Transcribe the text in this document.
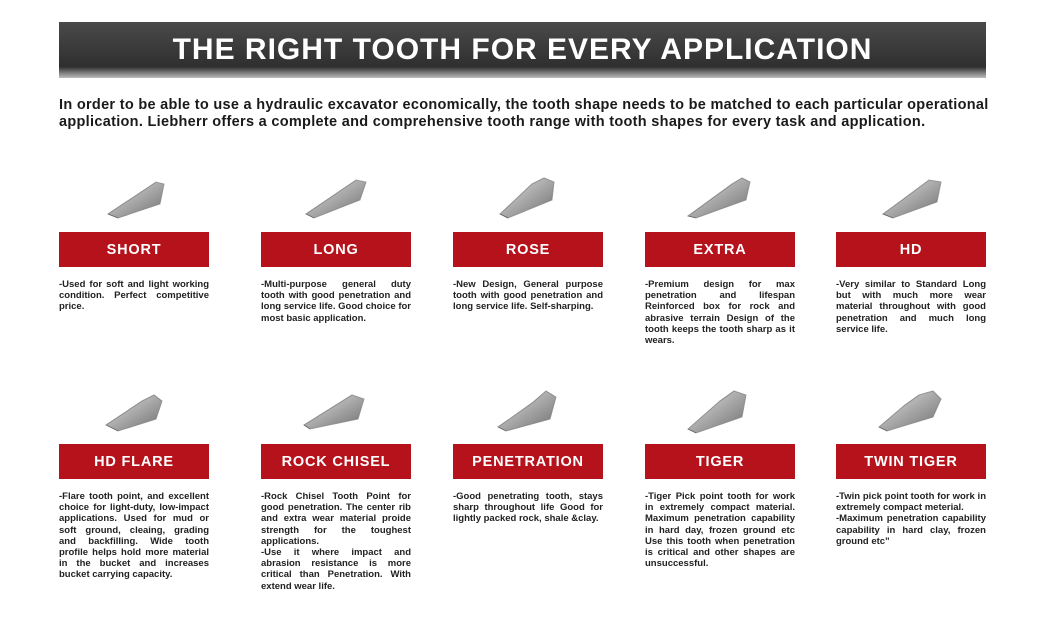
THE RIGHT TOOTH FOR EVERY APPLICATION

In order to be able to use a hydraulic excavator economically, the tooth shape needs to be matched to each particular operational application. Liebherr offers a complete and comprehensive tooth range with tooth shapes for every task and application.

SHORT
-Used for soft and light working condition. Perfect competitive price.
LONG
-Multi-purpose general duty tooth with good penetration and long service life. Good choice for most basic application.
ROSE
-New Design, General purpose tooth with good penetration and long service life. Self-sharping.
EXTRA
-Premium design for max penetration and lifespan Reinforced box for rock and abrasive terrain Design of the tooth keeps the tooth sharp as it wears.
HD
-Very similar to Standard Long but with much more wear material throughout with good penetration and much long service life.
HD FLARE
-Flare tooth point, and excellent choice for light-duty, low-impact applications. Used for mud or soft ground, cleaing, grading and backfilling. Wide tooth profile helps hold more material in the bucket and increases bucket carrying capacity.
ROCK CHISEL
-Rock Chisel Tooth Point for good penetration. The center rib and extra wear material proide strength for the toughest applications.
-Use it where impact and abrasion resistance is more critical than Penetration. With extend wear life.
PENETRATION
-Good penetrating tooth, stays sharp throughout life Good for lightly packed rock, shale &clay.
TIGER
-Tiger Pick point tooth for work in extremely compact material. Maximum penetration capability in hard day, frozen ground etc Use this tooth when penetration is critical and other shapes are unsuccessful.
TWIN TIGER
-Twin pick point tooth for work in extremely compact meterial.
-Maximum penetration capability capability in hard clay, frozen ground etc"
